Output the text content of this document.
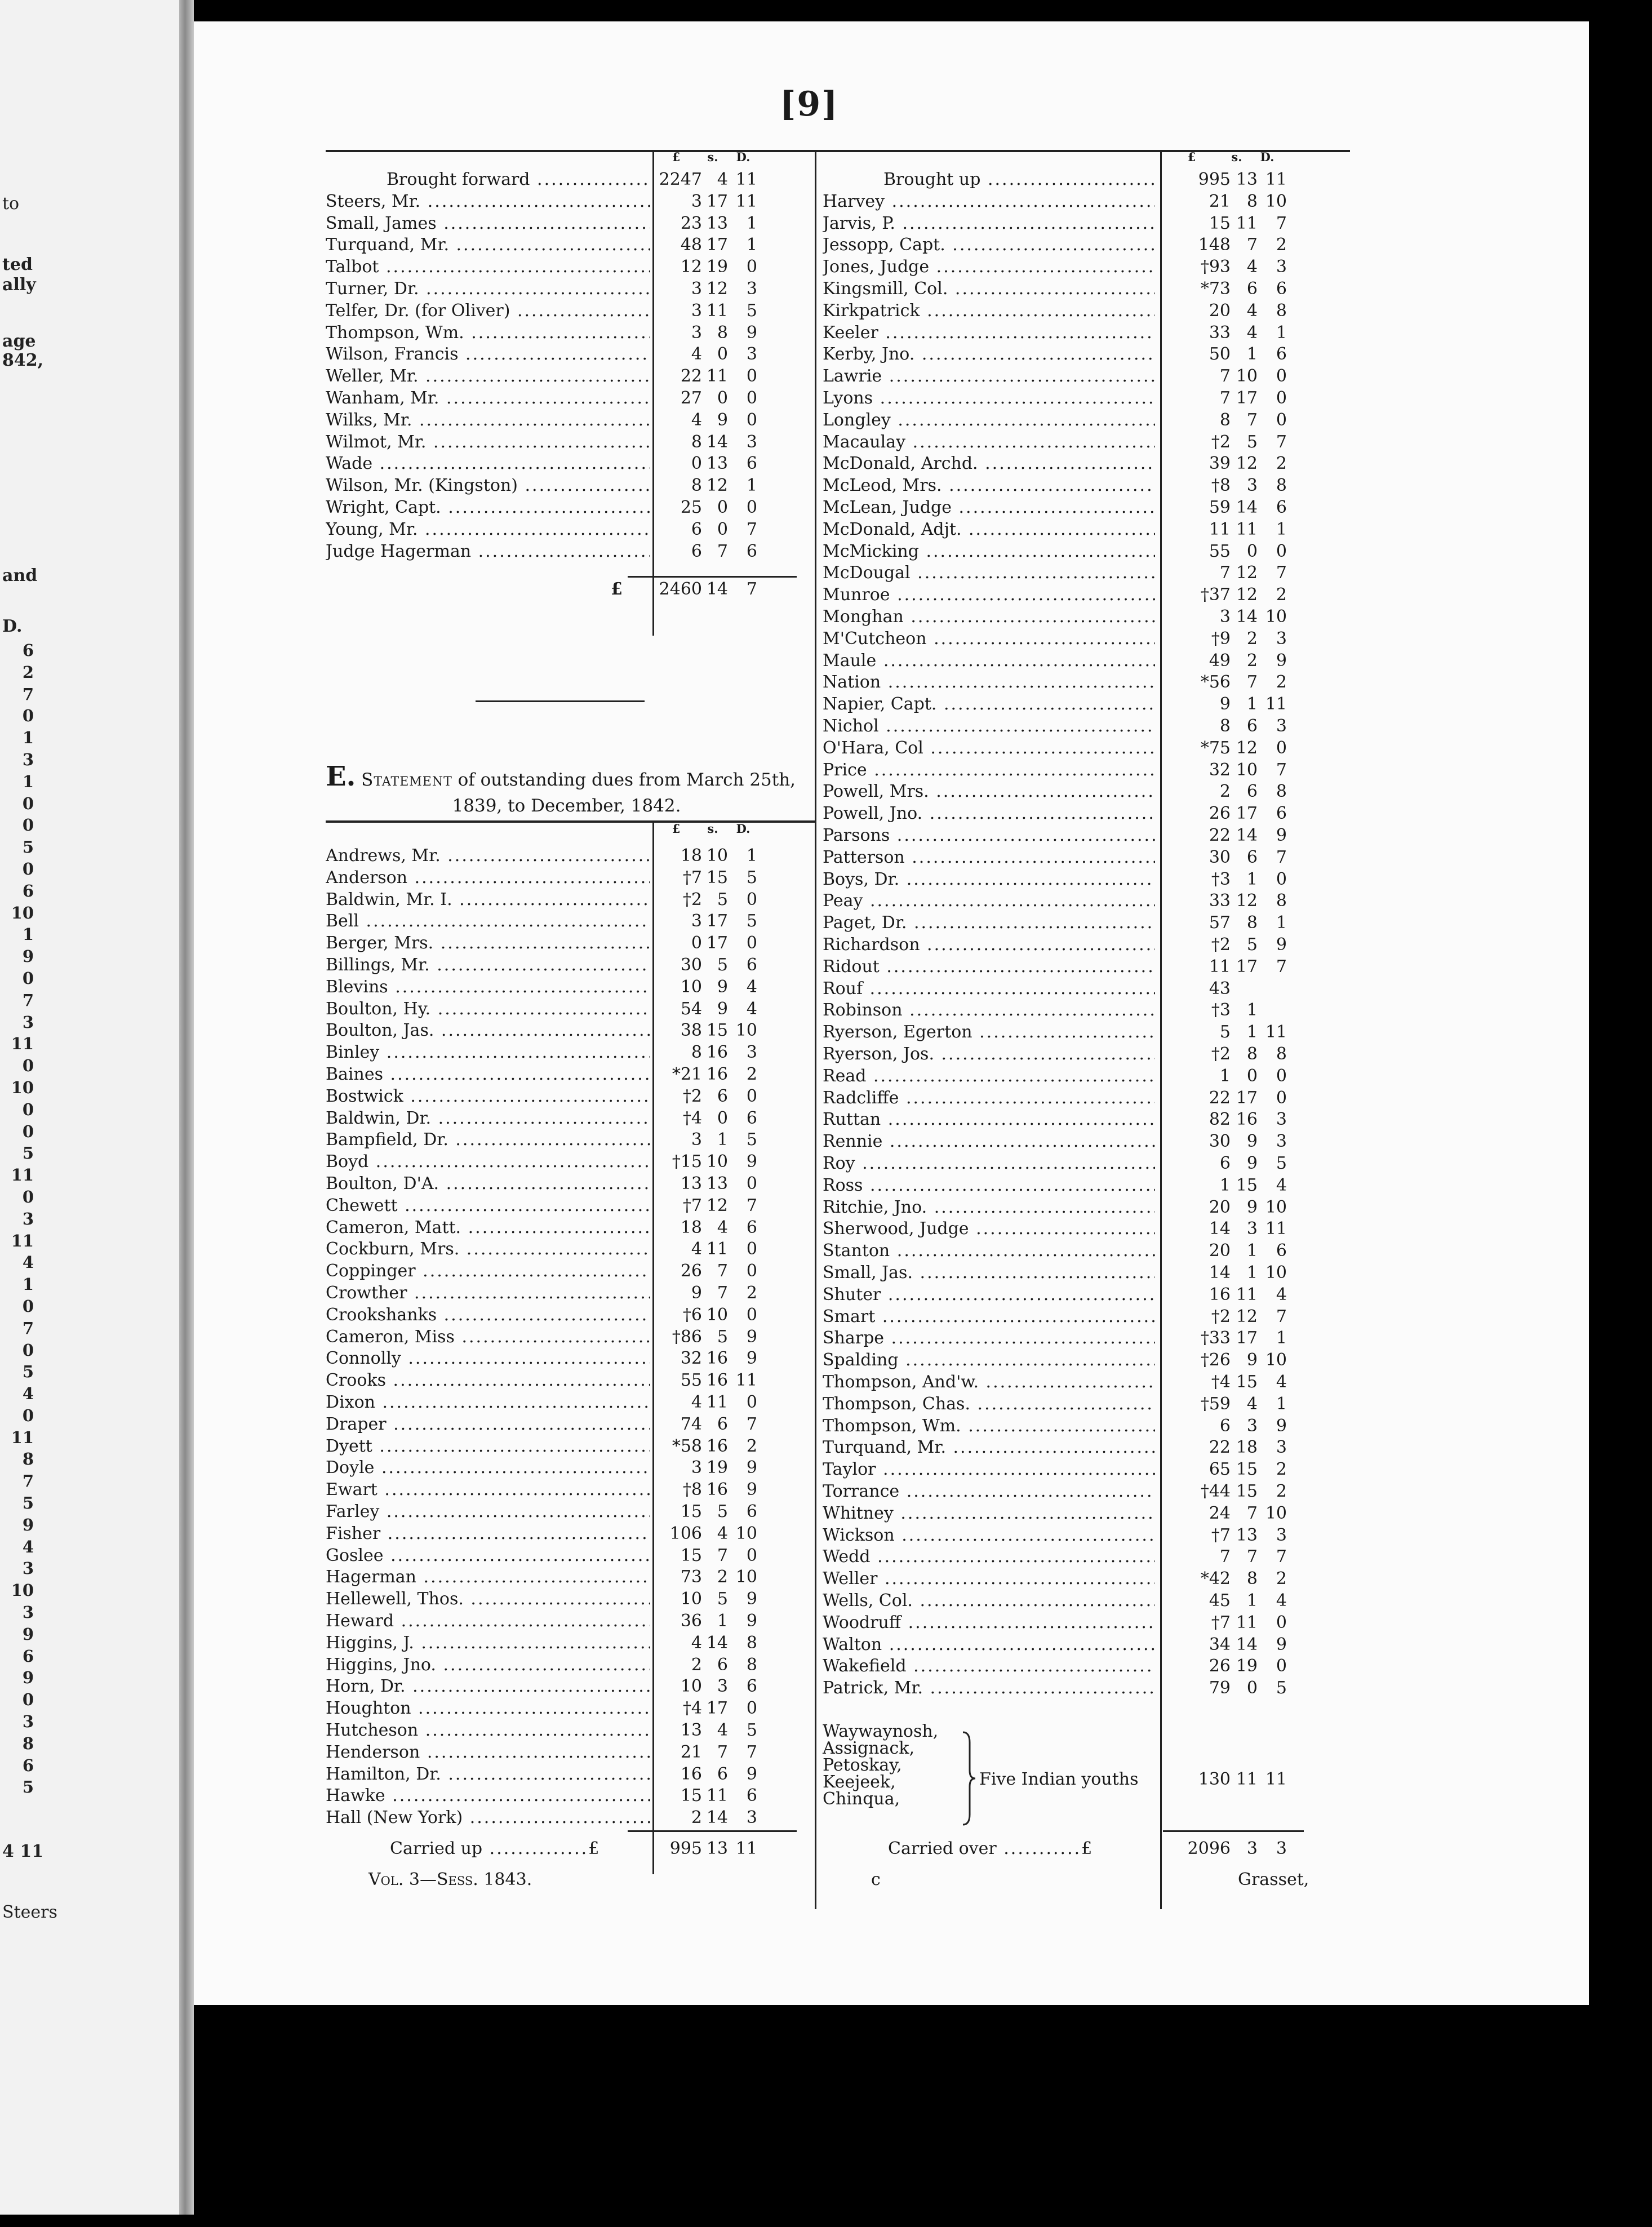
6
2
7
0
1
3
1
0
0
5
0
6
10
1
9
0
7
3
11
0
10
0
0
5
11
0
3
11
4
1
0
7
0
5
4
0
11
8
7
5
9
4
3
10
3
9
6
9
0
3
8
6
5
to
ted
ally
age
842,
and
D.
Steers
4 11
[9]
£	s.	D.	£	s.	D.
Brought forward .....	2247 4 11
Steers, Mr. .....	3 17 11
Small, James .....	23 13	1
Turquand, Mr. .....	48 17	1
Talbot .....	12 19	0
Turner, Dr. .....	3 12	3
Telfer, Dr. (for Oliver) .....	3 11	5
Thompson, Wm. .....	3 8	9
Wilson, Francis .....	4 0	3
Weller, Mr. .....	22 11	0
Wanham, Mr. .....	27 0	0
Wilks, Mr. .....	4 9	0
Wilmot, Mr. .....	8 14	3
Wade .....	0 13	6
Wilson, Mr. (Kingston) .....	8 12	1
Wright, Capt. .....	25 0	0
Young, Mr. .....	6 0	7
Judge Hagerman .....	6 7	6
£ 2460 14	7
E. Statement of outstanding dues from March 25th,
1839, to December, 1842.
£	s.	D.
Andrews, Mr. .....	18 10	1
Anderson .....	†7 15	5
Baldwin, Mr. I. .....	†2 5	0
Bell .....	3 17	5
Berger, Mrs. .....	0 17	0
Billings, Mr. .....	30 5	6
Blevins .....	10 9	4
Boulton, Hy. .....	54 9	4
Boulton, Jas. .....	38 15 10
Binley .....	8 16	3
Baines .....	*21 16	2
Bostwick .....	†2 6	0
Baldwin, Dr. .....	†4 0	6
Bampfield, Dr. .....	3 1	5
Boyd .....	†15 10	9
Boulton, D'A. .....	13 13	0
Chewett .....	†7 12	7
Cameron, Matt. .....	18 4	6
Cockburn, Mrs. .....	4 11	0
Coppinger .....	26 7	0
Crowther .....	9 7	2
Crookshanks .....	†6 10	0
Cameron, Miss .....	†86 5	9
Connolly .....	32 16	9
Crooks .....	55 16 11
Dixon .....	4 11	0
Draper .....	74 6	7
Dyett .....	*58 16	2
Doyle .....	3 19	9
Ewart .....	†8 16	9
Farley .....	15 5	6
Fisher .....	106 4 10
Goslee .....	15 7	0
Hagerman .....	73 2 10
Hellewell, Thos. .....	10 5	9
Heward .....	36 1	9
Higgins, J. .....	4 14	8
Higgins, Jno. .....	2 6	8
Horn, Dr. .....	10 3	6
Houghton .....	†4 17	0
Hutcheson .....	13 4	5
Henderson .....	21 7	7
Hamilton, Dr. .....	16 6	9
Hawke .....	15 11	6
Hall (New York) .....	2 14	3
Brought up .....	995 13 11
Harvey .....	21 8 10
Jarvis, P. .....	15 11	7
Jessopp, Capt. .....	148 7	2
Jones, Judge .....	†93 4	3
Kingsmill, Col. .....	*73 6	6
Kirkpatrick .....	20 4	8
Keeler .....	33 4	1
Kerby, Jno. .....	50 1	6
Lawrie .....	7 10	0
Lyons .....	7 17	0
Longley .....	8 7	0
Macaulay .....	†2 5	7
McDonald, Archd. .....	39 12	2
McLeod, Mrs. .....	†8 3	8
McLean, Judge .....	59 14	6
McDonald, Adjt. .....	11 11	1
McMicking .....	55 0	0
McDougal .....	7 12	7
Munroe .....	†37 12	2
Monghan .....	3 14 10
M'Cutcheon .....	†9 2	3
Maule .....	49 2	9
Nation .....	*56 7	2
Napier, Capt. .....	9 1 11
Nichol .....	8 6	3
O'Hara, Col .....	*75 12	0
Price .....	32 10	7
Powell, Mrs. .....	2 6	8
Powell, Jno. .....	26 17	6
Parsons .....	22 14	9
Patterson .....	30 6	7
Boys, Dr. .....	†3 1	0
Peay .....	33 12	8
Paget, Dr. .....	57 8	1
Richardson .....	†2 5	9
Ridout .....	11 17	7
Rouf .....	43
Robinson .....	†3 1
Ryerson, Egerton .....	5 1 11
Ryerson, Jos. .....	†2 8	8
Read .....	1 0	0
Radcliffe .....	22 17	0
Ruttan .....	82 16	3
Rennie .....	30 9	3
Roy .....	6 9	5
Ross .....	1 15	4
Ritchie, Jno. .....	20 9 10
Sherwood, Judge .....	14 3 11
Stanton .....	20 1	6
Small, Jas. .....	14 1 10
Shuter .....	16 11	4
Smart .....	†2 12	7
Sharpe .....	†33 17	1
Spalding .....	†26 9 10
Thompson, And'w. .....	†4 15	4
Thompson, Chas. .....	†59 4	1
Thompson, Wm. .....	6 3	9
Turquand, Mr. .....	22 18	3
Taylor .....	65 15	2
Torrance .....	†44 15	2
Whitney .....	24 7 10
Wickson .....	†7 13	3
Wedd .....	7 7	7
Weller .....	*42 8	2
Wells, Col. .....	45 1	4
Woodruff .....	†7 11	0
Walton .....	34 14	9
Wakefield .....	26 19	0
Patrick, Mr. .....	79 0	5
Waywaynosh,
Assignack,
Petoskay,
Keejeek,
Chinqua,
Five Indian youths	130 11 11
Carried up ..............£	995 13 11	Carried over ...........£	2096 3	3
Vol. 3—Sess. 1843.	c	Grasset,
